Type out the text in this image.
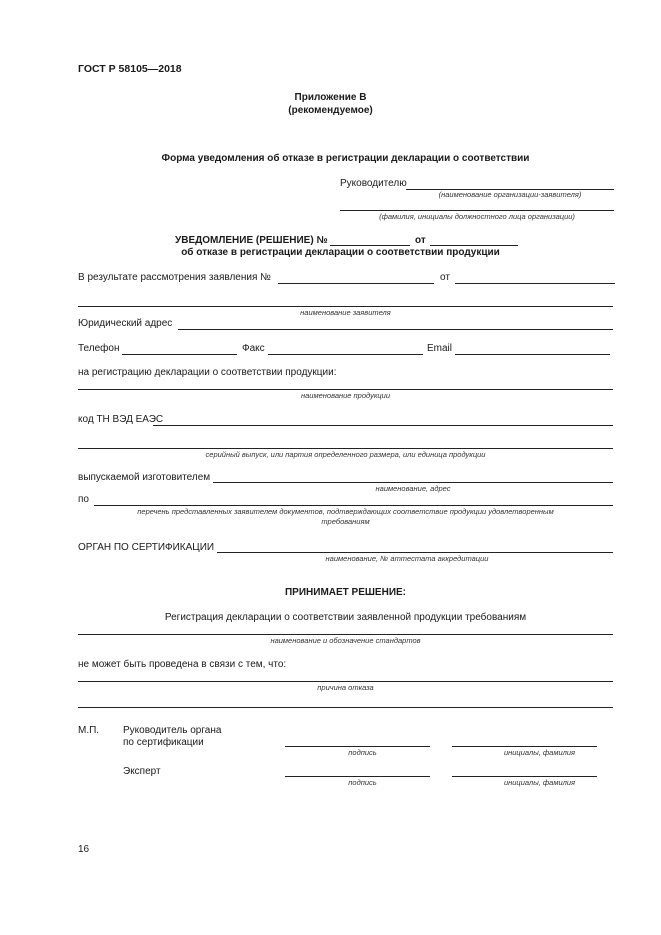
ГОСТ Р 58105—2018
Приложение В
(рекомендуемое)
Форма уведомления об отказе в регистрации декларации о соответствии
Руководителю
(наименование организации-заявителя)
(фамилия, инициалы должностного лица организации)
УВЕДОМЛЕНИЕ (РЕШЕНИЕ) №	от
об отказе в регистрации декларации о соответствии продукции
В результате рассмотрения заявления №	от
наименование заявителя
Юридический адрес
Телефон	Факс	Email
на регистрацию декларации о соответствии продукции:
наименование продукции
код ТН ВЭД ЕАЭС
серийный выпуск, или партия определенного размера, или единица продукции
выпускаемой изготовителем
наименование, адрес
по
перечень представленных заявителем документов, подтверждающих соответствие продукции удовлетворенным
требованиям
ОРГАН ПО СЕРТИФИКАЦИИ
наименование, № аттестата аккредитации
ПРИНИМАЕТ РЕШЕНИЕ:
Регистрация декларации о соответствии заявленной продукции требованиям
наименование и обозначение стандартов
не может быть проведена в связи с тем, что:
причина отказа
М.П. Руководитель органа
по сертификации
подпись	инициалы, фамилия
Эксперт
подпись	инициалы, фамилия
16
